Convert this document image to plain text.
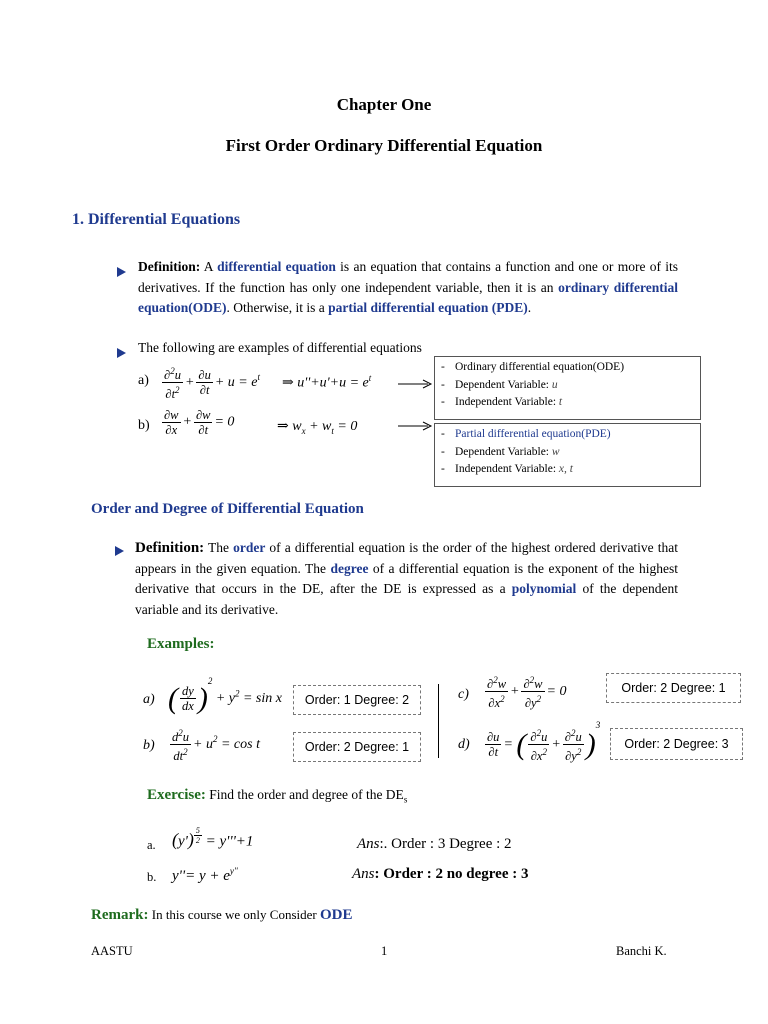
Chapter One
First Order Ordinary Differential Equation
1. Differential Equations
Definition: A differential equation is an equation that contains a function and one or more of its derivatives. If the function has only one independent variable, then it is an ordinary differential equation(ODE). Otherwise, it is a partial differential equation (PDE).
The following are examples of differential equations
$a) \frac{\partial^2u}{\partial t^2} + \frac{\partial u}{\partial t} + u = e^t$ ⇒ $u''+u'+u = e^t$
- Ordinary differential equation(ODE)
- Dependent Variable: u
- Independent Variable: t
$b) \frac{\partial w}{\partial x} + \frac{\partial w}{\partial t} = 0$	⇒ $w_x + w_t = 0$	- Partial differential equation(PDE)
- Dependent Variable: w
- Independent Variable: x, t
Order and Degree of Differential Equation
Definition: The order of a differential equation is the order of the highest ordered derivative that appears in the given equation. The degree of a differential equation is the exponent of the highest derivative that occurs in the DE, after the DE is expressed as a polynomial of the dependent variable and its derivative.
Examples:
a) ( $\frac{dy}{dx} )^2 + y^2 = \sin x$	Order: 1 Degree: 2
$b) \frac{d^2u}{dt^2} + u^2 = \cos t$	Order: 2 Degree: 1
$c) \frac{\partial^2w}{\partial x^2} + \frac{\partial^2w}{\partial y^2} = 0$	Order: 2 Degree: 1
$d) \frac{\partial u}{\partial t}$ = ( $\frac{\partial^2u}{\partial x^2} + \frac{\partial^2u}{\partial y^2} )^3$
Order: 2 Degree: 3
Exercise: Find the order and degree of the $DE_s$
a. (y') $^{\frac{5}{2}}$ = y'''+1	Ans:. Order : 3 Degree : 2
b. $y''= y + e^{y''}$	Ans: Order : 2 no degree : 3
Remark: In this course we only Consider ODE
AASTU	1	Banchi K.
